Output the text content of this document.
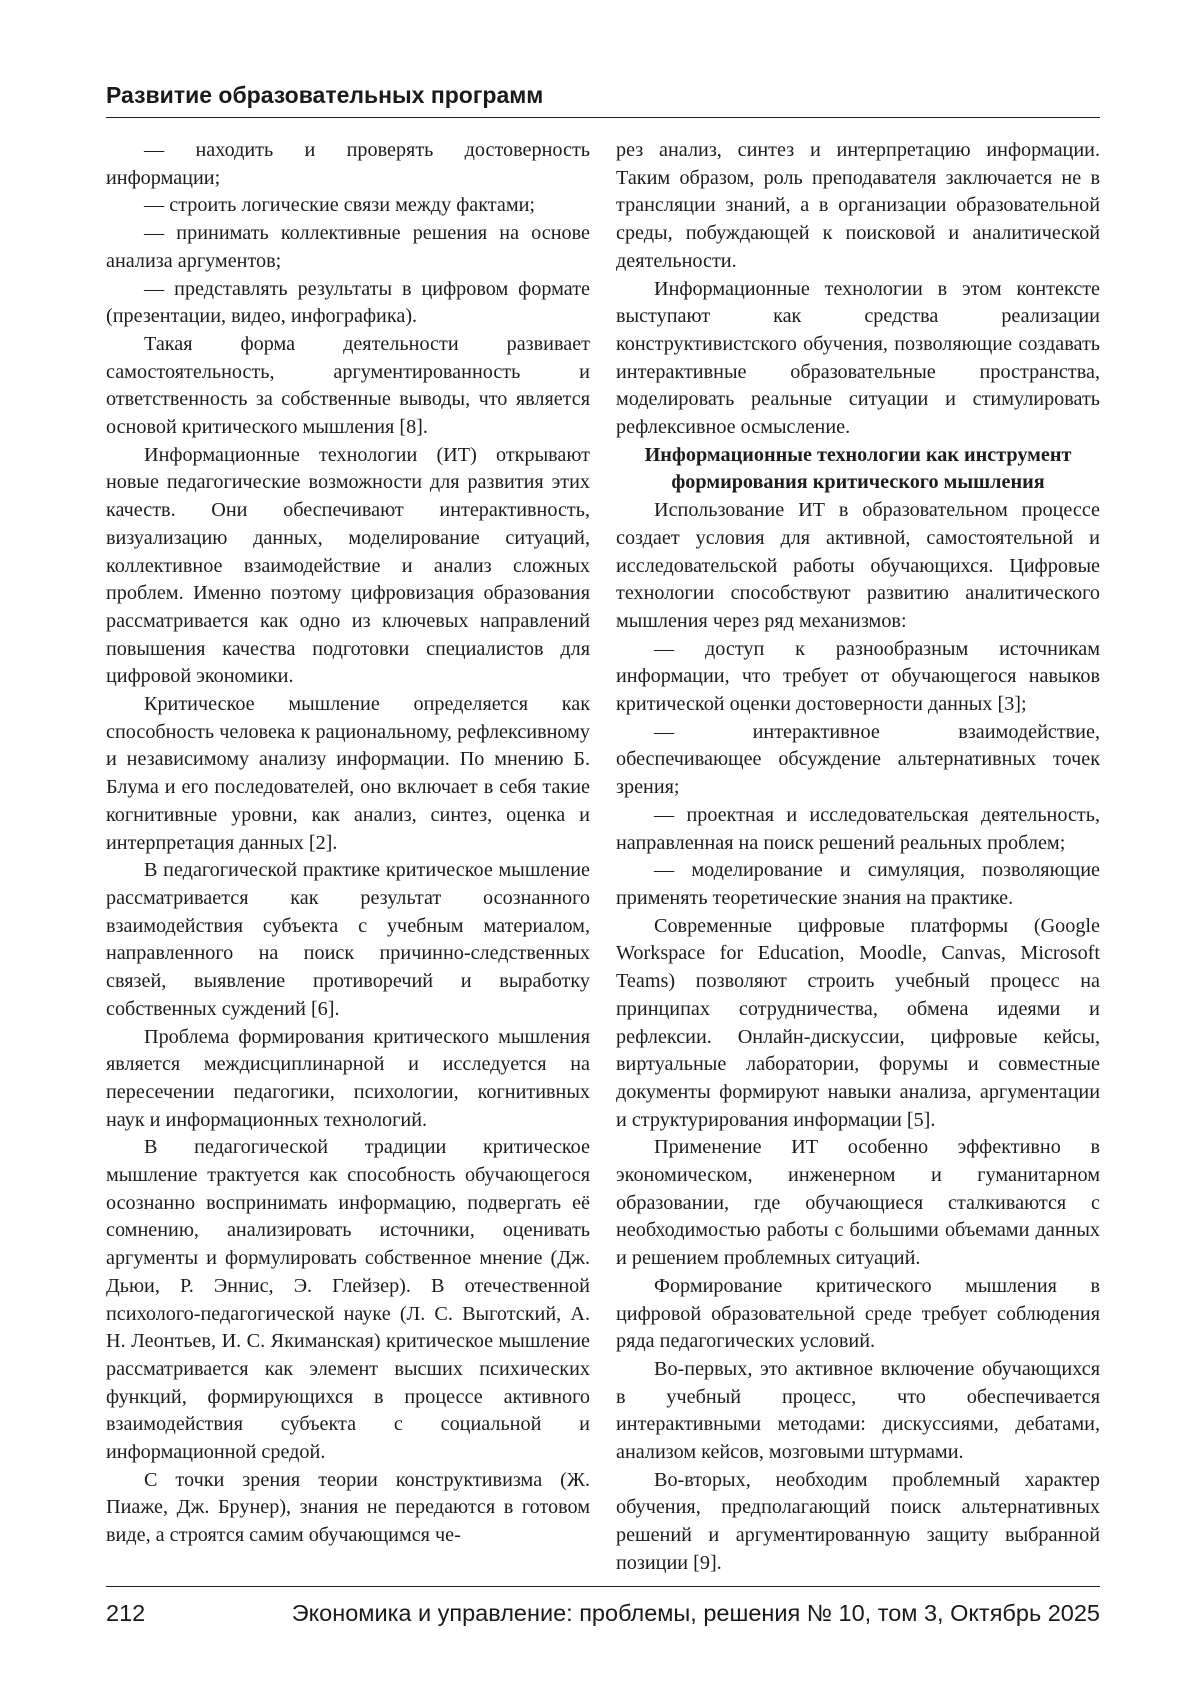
Развитие образовательных программ

— находить и проверять достоверность информации;

— строить логические связи между фактами;

— принимать коллективные решения на основе анализа аргументов;

— представлять результаты в цифровом формате (презентации, видео, инфографика).

Такая форма деятельности развивает самостоятельность, аргументированность и ответственность за собственные выводы, что является основой критического мышления [8].

Информационные технологии (ИТ) открывают новые педагогические возможности для развития этих качеств. Они обеспечивают интерактивность, визуализацию данных, моделирование ситуаций, коллективное взаимодействие и анализ сложных проблем. Именно поэтому цифровизация образования рассматривается как одно из ключевых направлений повышения качества подготовки специалистов для цифровой экономики.

Критическое мышление определяется как способность человека к рациональному, рефлексивному и независимому анализу информации. По мнению Б. Блума и его последователей, оно включает в себя такие когнитивные уровни, как анализ, синтез, оценка и интерпретация данных [2].

В педагогической практике критическое мышление рассматривается как результат осознанного взаимодействия субъекта с учебным материалом, направленного на поиск причинно-следственных связей, выявление противоречий и выработку собственных суждений [6].

Проблема формирования критического мышления является междисциплинарной и исследуется на пересечении педагогики, психологии, когнитивных наук и информационных технологий.

В педагогической традиции критическое мышление трактуется как способность обучающегося осознанно воспринимать информацию, подвергать её сомнению, анализировать источники, оценивать аргументы и формулировать собственное мнение (Дж. Дьюи, Р. Эннис, Э. Глейзер). В отечественной психолого-педагогической науке (Л. С. Выготский, А. Н. Леонтьев, И. С. Якиманская) критическое мышление рассматривается как элемент высших психических функций, формирующихся в процессе активного взаимодействия субъекта с социальной и информационной средой.

С точки зрения теории конструктивизма (Ж. Пиаже, Дж. Брунер), знания не передаются в готовом виде, а строятся самим обучающимся че-

рез анализ, синтез и интерпретацию информации. Таким образом, роль преподавателя заключается не в трансляции знаний, а в организации образовательной среды, побуждающей к поисковой и аналитической деятельности.

Информационные технологии в этом контексте выступают как средства реализации конструктивистского обучения, позволяющие создавать интерактивные образовательные пространства, моделировать реальные ситуации и стимулировать рефлексивное осмысление.

Информационные технологии как инструмент формирования критического мышления

Использование ИТ в образовательном процессе создает условия для активной, самостоятельной и исследовательской работы обучающихся. Цифровые технологии способствуют развитию аналитического мышления через ряд механизмов:

— доступ к разнообразным источникам информации, что требует от обучающегося навыков критической оценки достоверности данных [3];

— интерактивное взаимодействие, обеспечивающее обсуждение альтернативных точек зрения;

— проектная и исследовательская деятельность, направленная на поиск решений реальных проблем;

— моделирование и симуляция, позволяющие применять теоретические знания на практике.

Современные цифровые платформы (Google Workspace for Education, Moodle, Canvas, Microsoft Teams) позволяют строить учебный процесс на принципах сотрудничества, обмена идеями и рефлексии. Онлайн-дискуссии, цифровые кейсы, виртуальные лаборатории, форумы и совместные документы формируют навыки анализа, аргументации и структурирования информации [5].

Применение ИТ особенно эффективно в экономическом, инженерном и гуманитарном образовании, где обучающиеся сталкиваются с необходимостью работы с большими объемами данных и решением проблемных ситуаций.

Формирование критического мышления в цифровой образовательной среде требует соблюдения ряда педагогических условий.

Во-первых, это активное включение обучающихся в учебный процесс, что обеспечивается интерактивными методами: дискуссиями, дебатами, анализом кейсов, мозговыми штурмами.

Во-вторых, необходим проблемный характер обучения, предполагающий поиск альтернативных решений и аргументированную защиту выбранной позиции [9].

212	Экономика и управление: проблемы, решения № 10, том 3, Октябрь 2025
